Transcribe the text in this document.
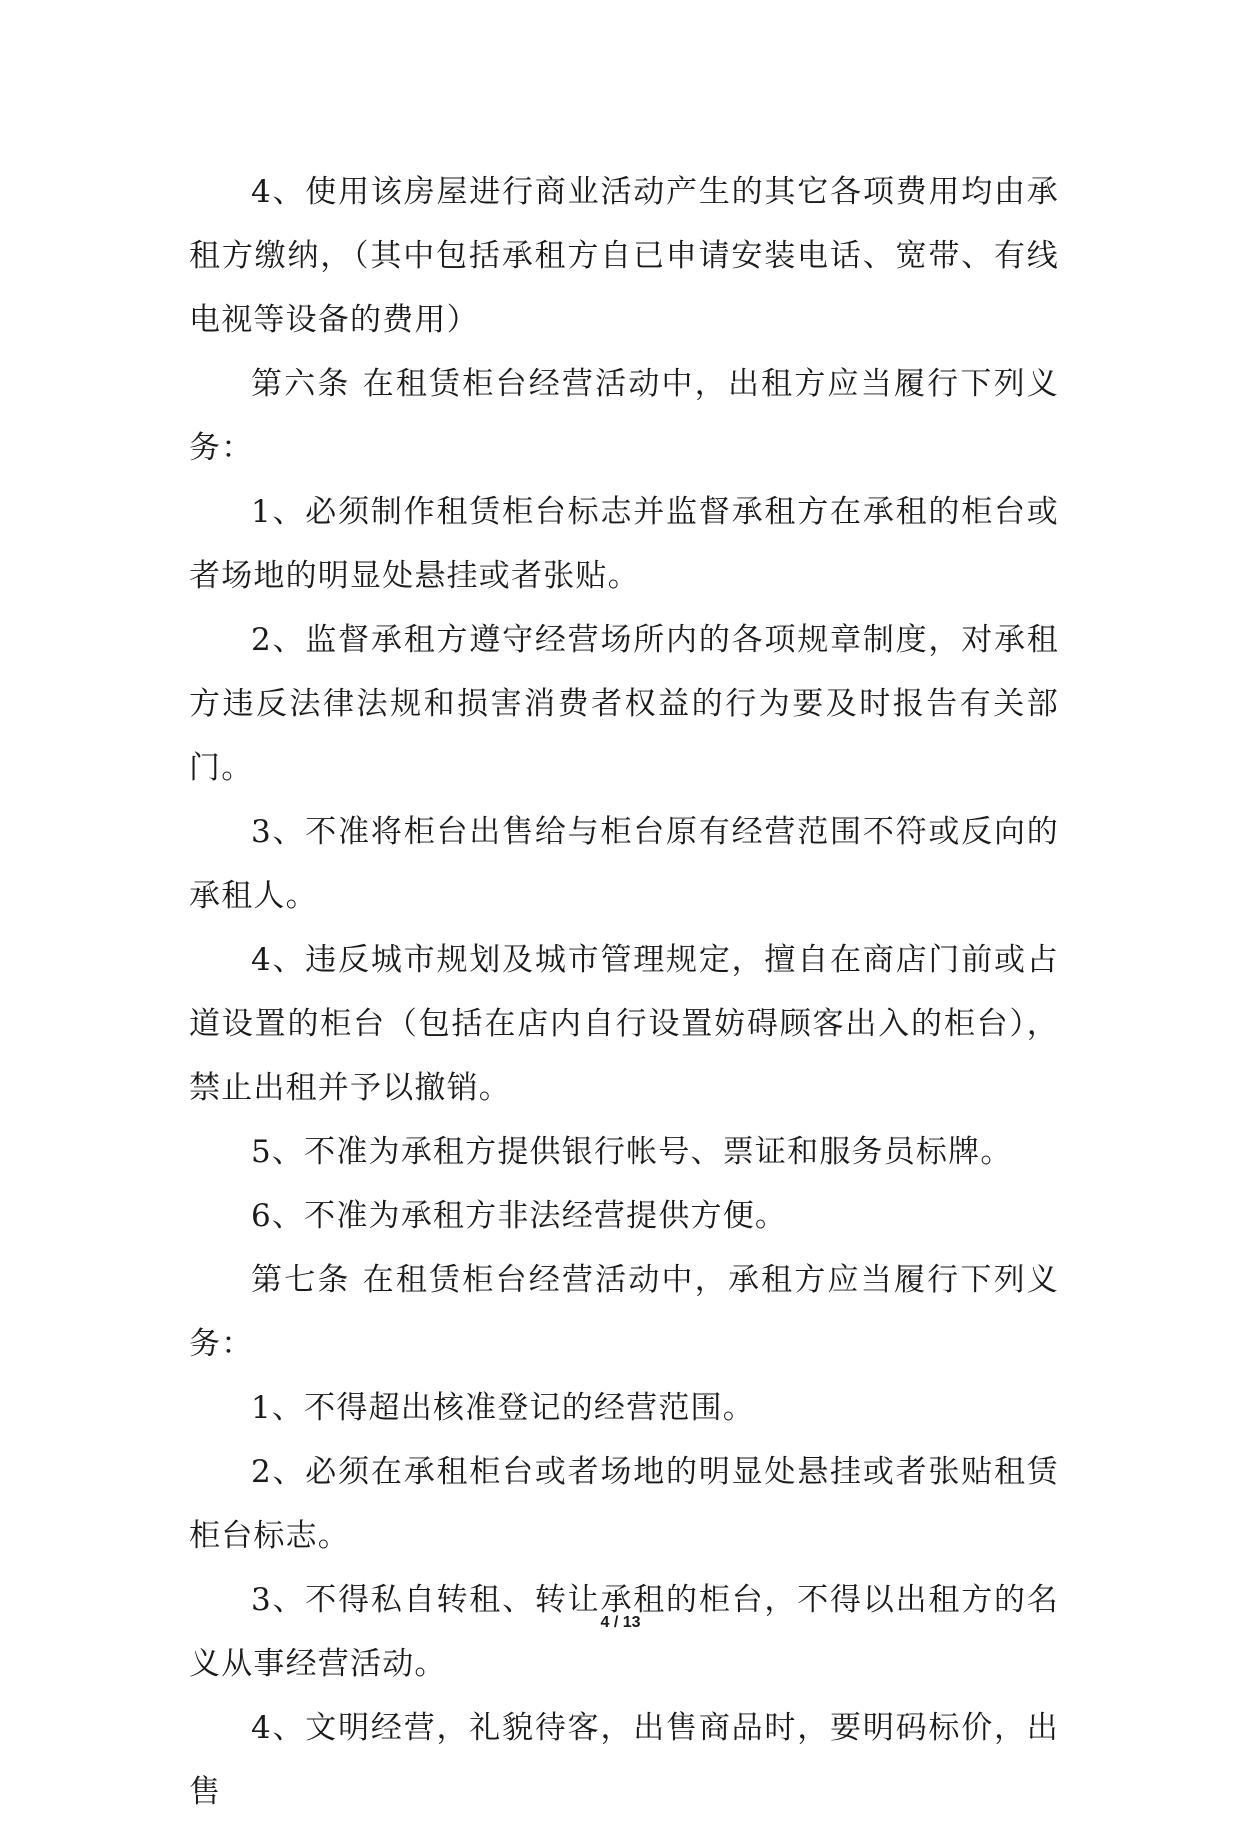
4、使用该房屋进行商业活动产生的其它各项费用均由承租方缴纳，（其中包括承租方自已申请安装电话、宽带、有线电视等设备的费用）

第六条 在租赁柜台经营活动中，出租方应当履行下列义务：

1、必须制作租赁柜台标志并监督承租方在承租的柜台或者场地的明显处悬挂或者张贴。

2、监督承租方遵守经营场所内的各项规章制度，对承租方违反法律法规和损害消费者权益的行为要及时报告有关部门。

3、不准将柜台出售给与柜台原有经营范围不符或反向的承租人。

4、违反城市规划及城市管理规定，擅自在商店门前或占道设置的柜台（包括在店内自行设置妨碍顾客出入的柜台），禁止出租并予以撤销。

5、不准为承租方提供银行帐号、票证和服务员标牌。

6、不准为承租方非法经营提供方便。

第七条 在租赁柜台经营活动中，承租方应当履行下列义务：

1、不得超出核准登记的经营范围。

2、必须在承租柜台或者场地的明显处悬挂或者张贴租赁柜台标志。

3、不得私自转租、转让承租的柜台，不得以出租方的名义从事经营活动。

4、文明经营，礼貌待客，出售商品时，要明码标价，出售

4 / 13
